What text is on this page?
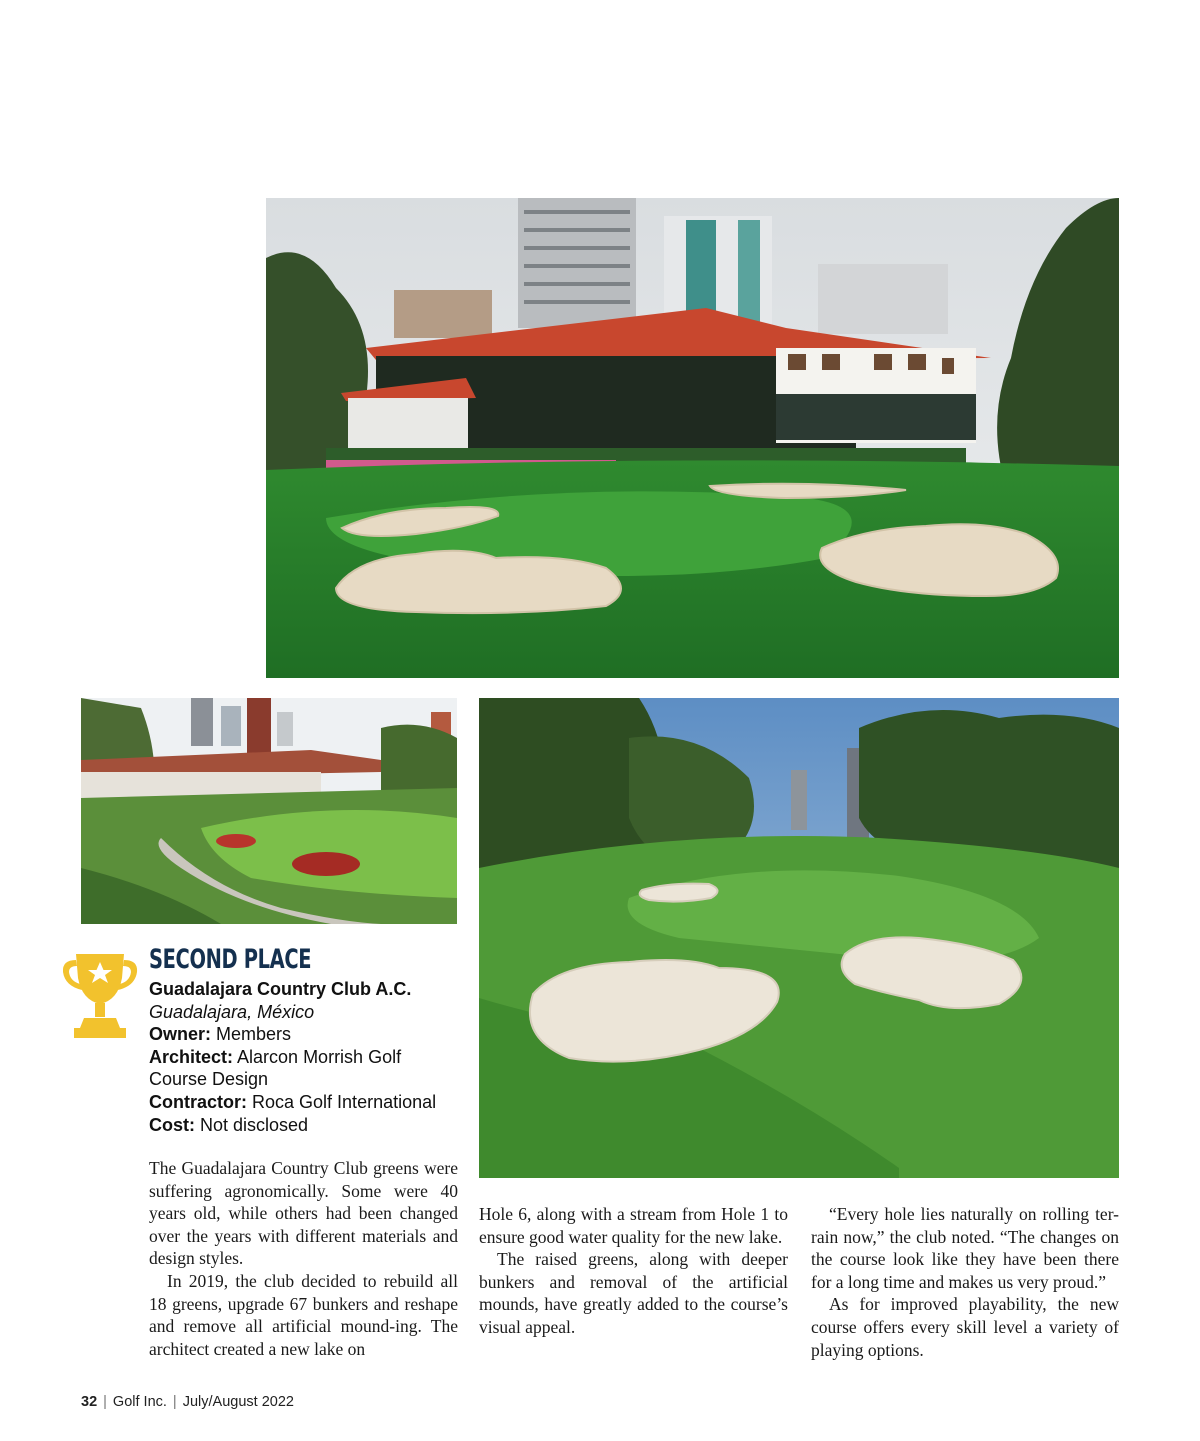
SECOND PLACE
Guadalajara Country Club A.C.
Guadalajara, México
Owner: Members
Architect: Alarcon Morrish Golf Course Design
Contractor: Roca Golf International
Cost: Not disclosed

The Guadalajara Country Club greens were suffering agronomically. Some were 40 years old, while others had been changed over the years with different materials and design styles.

In 2019, the club decided to rebuild all 18 greens, upgrade 67 bunkers and reshape and remove all artificial mound-ing. The architect created a new lake on

Hole 6, along with a stream from Hole 1 to ensure good water quality for the new lake.

The raised greens, along with deeper bunkers and removal of the artificial mounds, have greatly added to the course’s visual appeal.

“Every hole lies naturally on rolling ter-rain now,” the club noted. “The changes on the course look like they have been there for a long time and makes us very proud.”

As for improved playability, the new course offers every skill level a variety of playing options.

32 | Golf Inc. | July/August 2022
